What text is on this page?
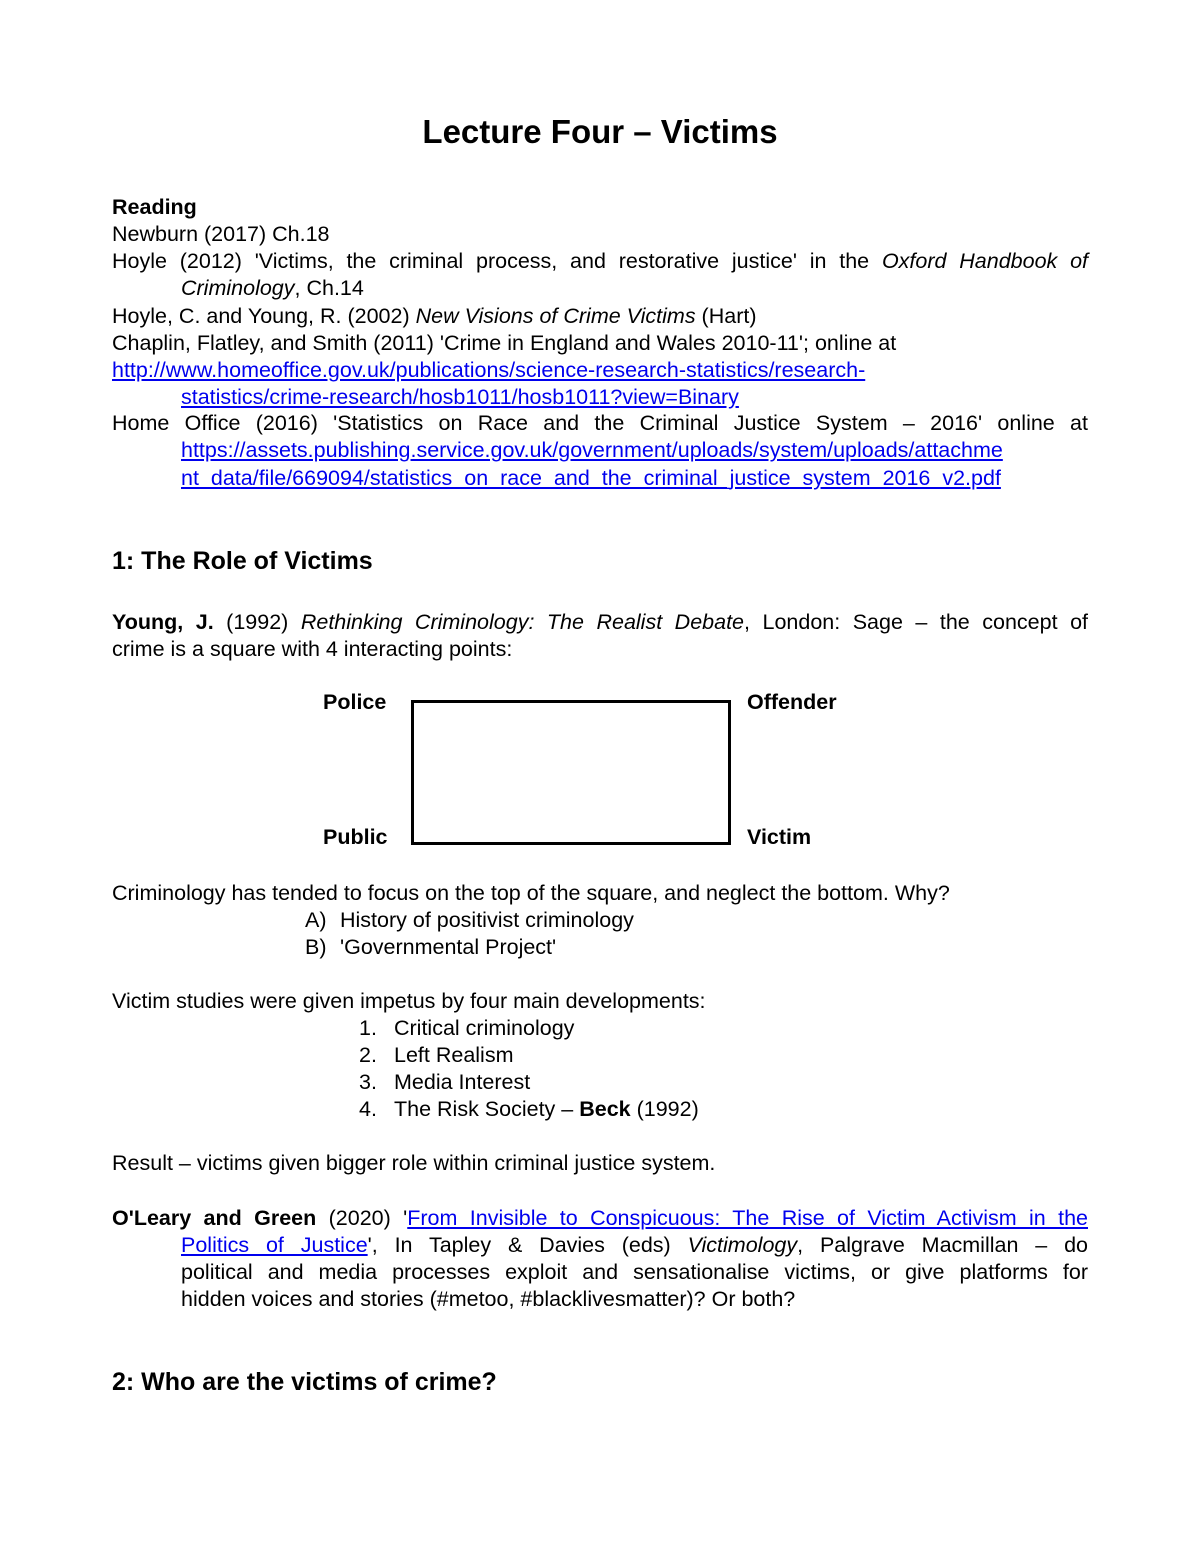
Lecture Four – Victims
Reading
Newburn (2017) Ch.18
Hoyle (2012) 'Victims, the criminal process, and restorative justice' in the Oxford Handbook of
Criminology, Ch.14
Hoyle, C. and Young, R. (2002) New Visions of Crime Victims (Hart)
Chaplin, Flatley, and Smith (2011) 'Crime in England and Wales 2010-11'; online at
http://www.homeoffice.gov.uk/publications/science-research-statistics/research-
statistics/crime-research/hosb1011/hosb1011?view=Binary
Home Office (2016) 'Statistics on Race and the Criminal Justice System – 2016' online at
https://assets.publishing.service.gov.uk/government/uploads/system/uploads/attachme
nt_data/file/669094/statistics_on_race_and_the_criminal_justice_system_2016_v2.pdf
1: The Role of Victims
Young, J. (1992) Rethinking Criminology: The Realist Debate, London: Sage – the concept of
crime is a square with 4 interacting points:
Police	Offender
Public	Victim
Criminology has tended to focus on the top of the square, and neglect the bottom. Why?
A) History of positivist criminology
B) 'Governmental Project'
Victim studies were given impetus by four main developments:
1. Critical criminology
2. Left Realism
3. Media Interest
4. The Risk Society – Beck (1992)
Result – victims given bigger role within criminal justice system.
O'Leary and Green (2020) 'From Invisible to Conspicuous: The Rise of Victim Activism in the
Politics of Justice', In Tapley & Davies (eds) Victimology, Palgrave Macmillan – do
political and media processes exploit and sensationalise victims, or give platforms for
hidden voices and stories (#metoo, #blacklivesmatter)? Or both?
2: Who are the victims of crime?
